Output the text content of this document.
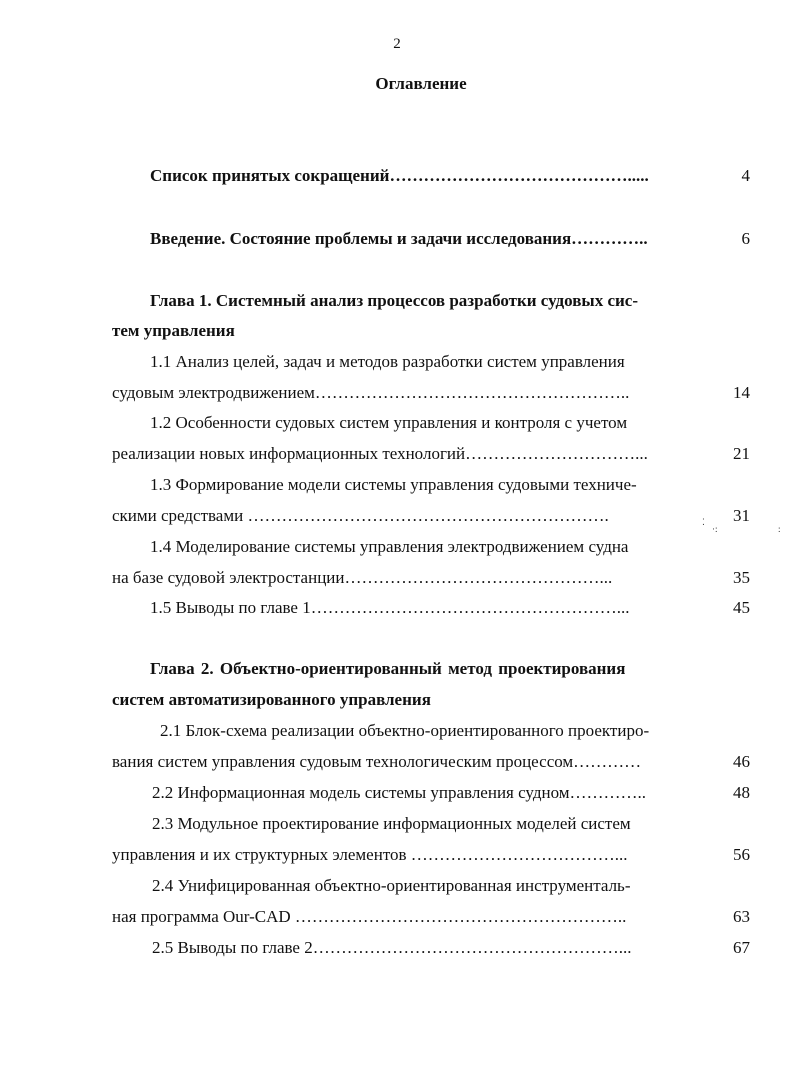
2
Оглавление
Список принятых сокращений…………………………………….....	4
Введение. Состояние проблемы и задачи исследования…………..	6
Глава 1. Системный анализ процессов разработки судовых сис-
тем управления
1.1 Анализ целей, задач и методов разработки систем управления
судовым электродвижением………………………………………………..	14
1.2 Особенности судовых систем управления и контроля с учетом
реализации новых информационных технологий…………………………...	21
1.3 Формирование модели системы управления судовыми техниче-
скими средствами ……………………………………………………….	31
⁚
·:	:
1.4 Моделирование системы управления электродвижением судна
на базе судовой электростанции………………………………………...	35
1.5 Выводы по главе 1………………………………………………...	45
Глава 2. Объектно-ориентированный метод проектирования
систем автоматизированного управления
2.1 Блок-схема реализации объектно-ориентированного проектиро-
вания систем управления судовым технологическим процессом…………	46
2.2 Информационная модель системы управления судном…………..	48
2.3 Модульное проектирование информационных моделей систем
управления и их структурных элементов ………………………………...	56
2.4 Унифицированная объектно-ориентированная инструменталь-
ная программа Our-CAD …………………………………………………..	63
2.5 Выводы по главе 2………………………………………………...	67
